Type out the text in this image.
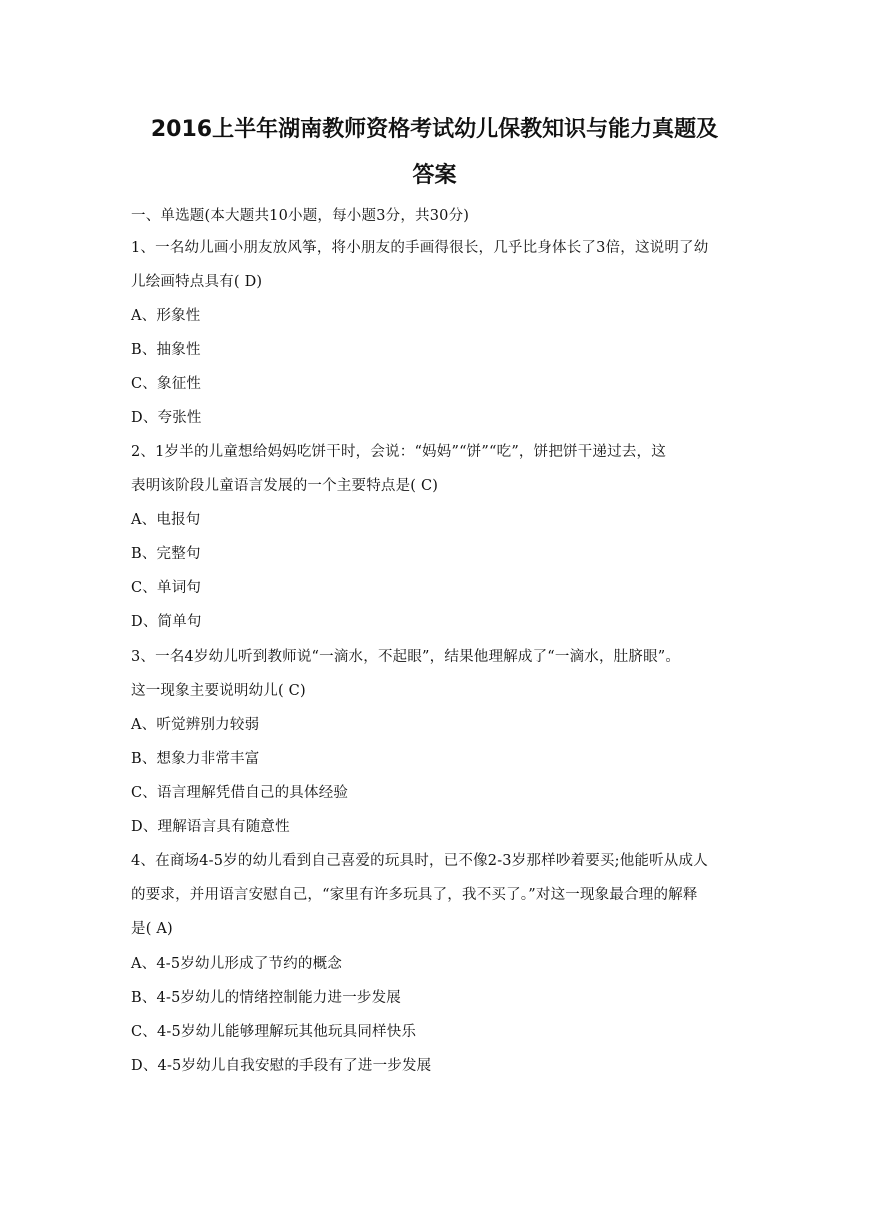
2016上半年湖南教师资格考试幼儿保教知识与能力真题及
答案
一、单选题(本大题共10小题，每小题3分，共30分)
1、一名幼儿画小朋友放风筝，将小朋友的手画得很长，几乎比身体长了3倍，这说明了幼
儿绘画特点具有( D)
A、形象性
B、抽象性
C、象征性
D、夸张性
2、1岁半的儿童想给妈妈吃饼干时，会说：“妈妈”“饼”“吃”，饼把饼干递过去，这
表明该阶段儿童语言发展的一个主要特点是( C)
A、电报句
B、完整句
C、单词句
D、简单句
3、一名4岁幼儿听到教师说“一滴水，不起眼”，结果他理解成了“一滴水，肚脐眼”。
这一现象主要说明幼儿( C)
A、听觉辨别力较弱
B、想象力非常丰富
C、语言理解凭借自己的具体经验
D、理解语言具有随意性
4、在商场4-5岁的幼儿看到自己喜爱的玩具时，已不像2-3岁那样吵着要买;他能听从成人
的要求，并用语言安慰自己，“家里有许多玩具了，我不买了。”对这一现象最合理的解释
是( A)
A、4-5岁幼儿形成了节约的概念
B、4-5岁幼儿的情绪控制能力进一步发展
C、4-5岁幼儿能够理解玩其他玩具同样快乐
D、4-5岁幼儿自我安慰的手段有了进一步发展
